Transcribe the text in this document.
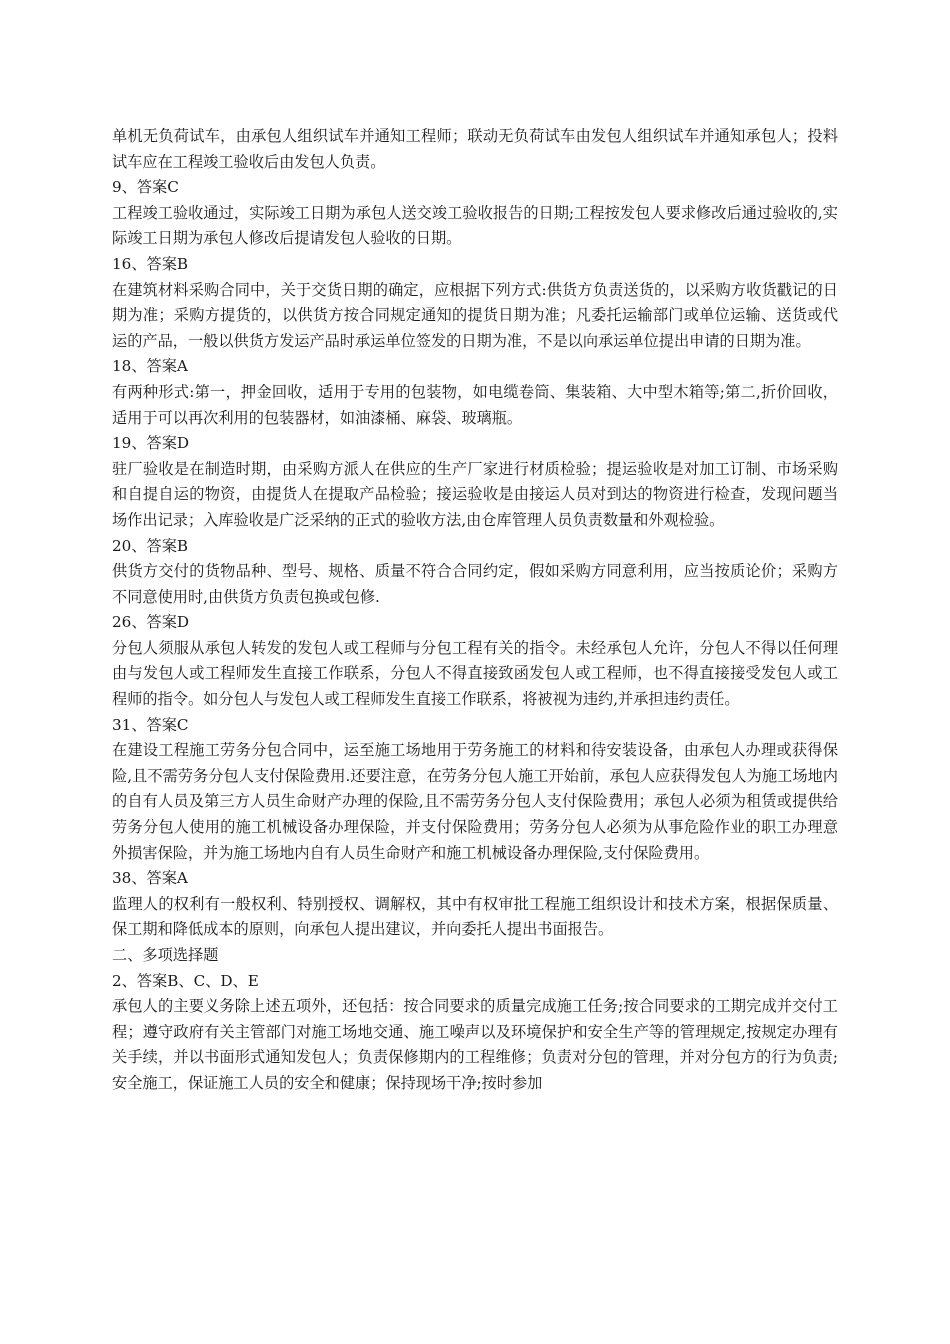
单机无负荷试车，由承包人组织试车并通知工程师；联动无负荷试车由发包人组织试车并通知承包人；投料试车应在工程竣工验收后由发包人负责。

9、答案C

工程竣工验收通过，实际竣工日期为承包人送交竣工验收报告的日期;工程按发包人要求修改后通过验收的,实际竣工日期为承包人修改后提请发包人验收的日期。

16、答案B

在建筑材料采购合同中，关于交货日期的确定，应根据下列方式:供货方负责送货的，以采购方收货戳记的日期为准；采购方提货的，以供货方按合同规定通知的提货日期为准；凡委托运输部门或单位运输、送货或代运的产品，一般以供货方发运产品时承运单位签发的日期为准，不是以向承运单位提出申请的日期为准。

18、答案A

有两种形式:第一，押金回收，适用于专用的包装物，如电缆卷筒、集装箱、大中型木箱等;第二,折价回收，适用于可以再次利用的包装器材，如油漆桶、麻袋、玻璃瓶。

19、答案D

驻厂验收是在制造时期，由采购方派人在供应的生产厂家进行材质检验；提运验收是对加工订制、市场采购和自提自运的物资，由提货人在提取产品检验；接运验收是由接运人员对到达的物资进行检查，发现问题当场作出记录；入库验收是广泛采纳的正式的验收方法,由仓库管理人员负责数量和外观检验。

20、答案B

供货方交付的货物品种、型号、规格、质量不符合合同约定，假如采购方同意利用，应当按质论价；采购方不同意使用时,由供货方负责包换或包修.

26、答案D

分包人须服从承包人转发的发包人或工程师与分包工程有关的指令。未经承包人允许，分包人不得以任何理由与发包人或工程师发生直接工作联系，分包人不得直接致函发包人或工程师，也不得直接接受发包人或工程师的指令。如分包人与发包人或工程师发生直接工作联系，将被视为违约,并承担违约责任。

31、答案C

在建设工程施工劳务分包合同中，运至施工场地用于劳务施工的材料和待安装设备，由承包人办理或获得保险,且不需劳务分包人支付保险费用.还要注意，在劳务分包人施工开始前，承包人应获得发包人为施工场地内的自有人员及第三方人员生命财产办理的保险,且不需劳务分包人支付保险费用；承包人必须为租赁或提供给劳务分包人使用的施工机械设备办理保险，并支付保险费用；劳务分包人必须为从事危险作业的职工办理意外损害保险，并为施工场地内自有人员生命财产和施工机械设备办理保险,支付保险费用。

38、答案A

监理人的权利有一般权利、特别授权、调解权，其中有权审批工程施工组织设计和技术方案，根据保质量、保工期和降低成本的原则，向承包人提出建议，并向委托人提出书面报告。

二、多项选择题

2、答案B、C、D、E

承包人的主要义务除上述五项外，还包括：按合同要求的质量完成施工任务;按合同要求的工期完成并交付工程；遵守政府有关主管部门对施工场地交通、施工噪声以及环境保护和安全生产等的管理规定,按规定办理有关手续，并以书面形式通知发包人；负责保修期内的工程维修；负责对分包的管理，并对分包方的行为负责;安全施工，保证施工人员的安全和健康；保持现场干净;按时参加
